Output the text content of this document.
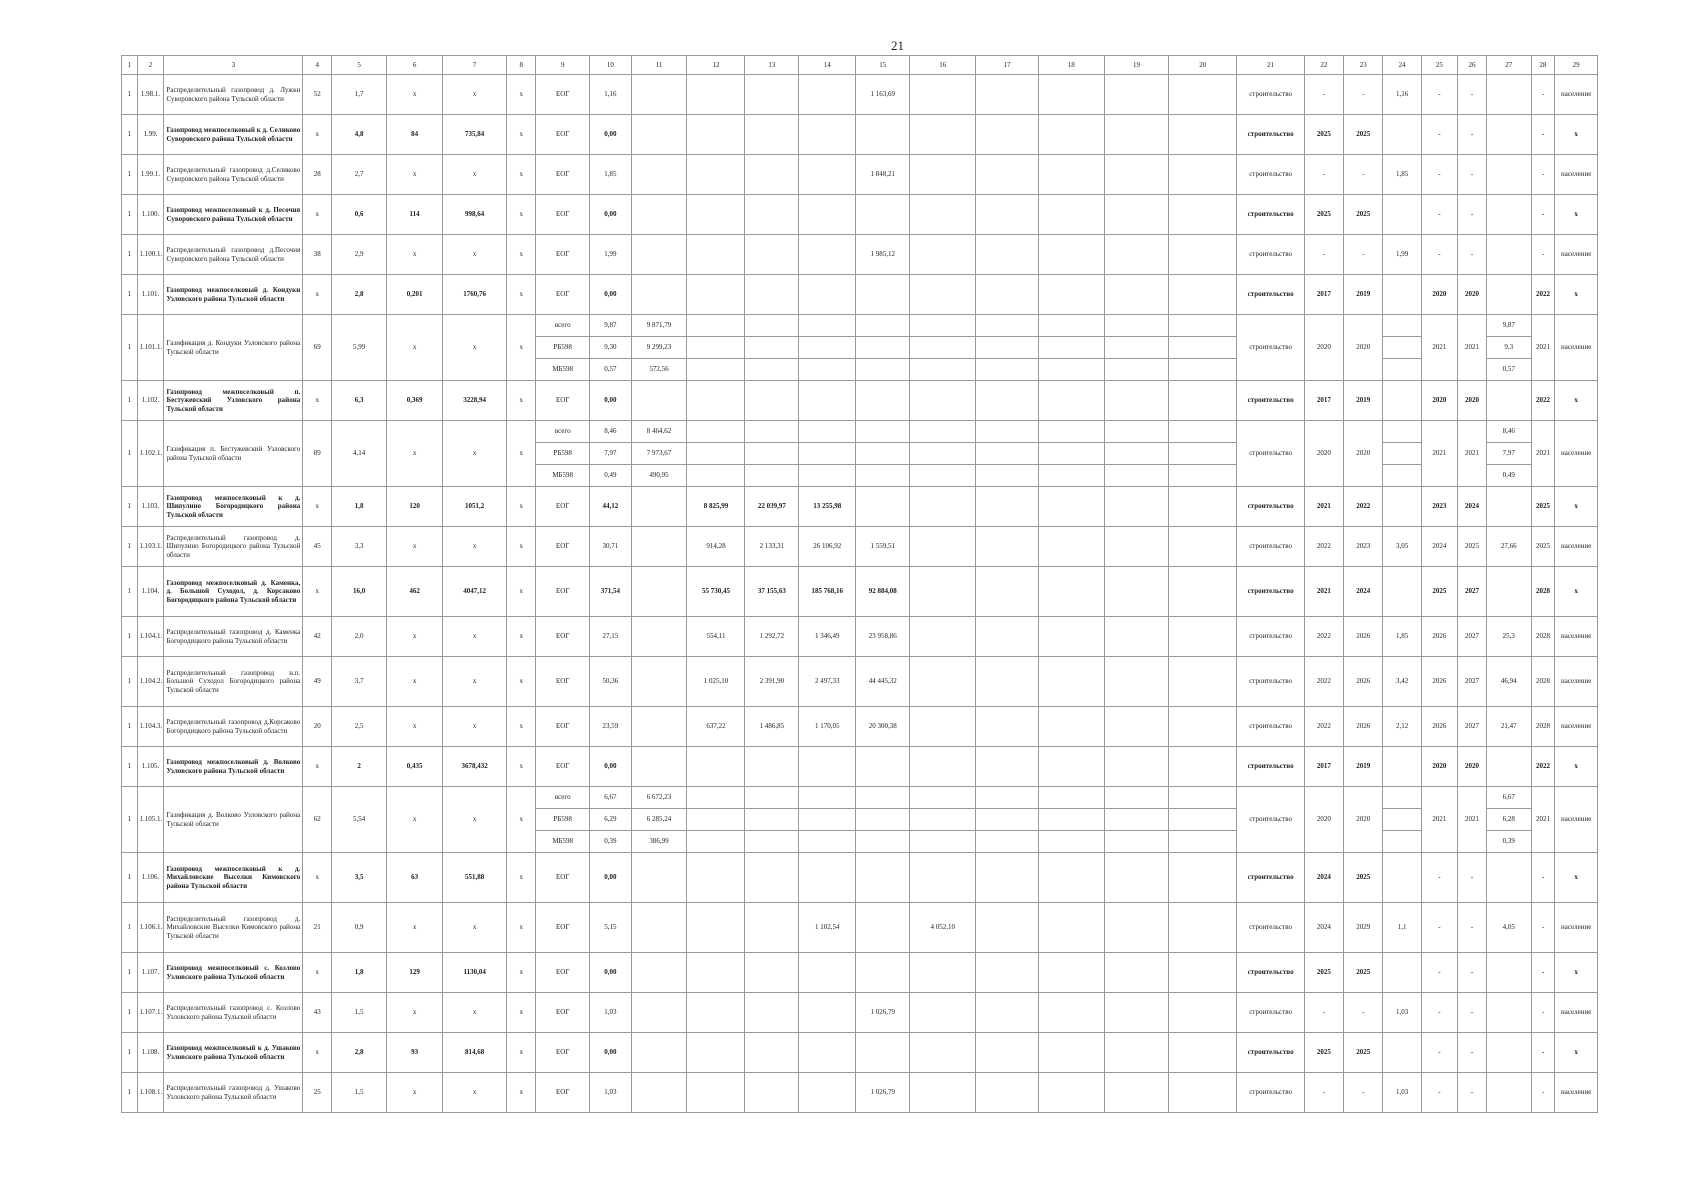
21
1	2	3	4	5	6	7	8	9	10	11	12	13	14	15	16	17	18	19	20	21	22	23	24	25	26	27	28	29
1	1.98.1.	Распределительный газопровод д. Лужки Суворовского района Тульской области	52	1,7	х	х	х	ЕОГ	1,16					1 163,69						строительство	-	-	1,16	-	-		-	население
1	1.99.	Газопровод межпоселковый к д. Селиково Суворовского района Тульской области	х	4,8	84	735,84	х	ЕОГ	0,00											строительство	2025	2025		-	-		-	х
1	1.99.1.	Распределительный газопровод д.Селиково Суворовского района Тульской области	28	2,7	х	х	х	ЕОГ	1,85					1 848,21						строительство	-	-	1,85	-	-		-	население
1	1.100.	Газопровод межпоселковый к д. Песочня Суворовского района Тульской области	х	0,6	114	998,64	х	ЕОГ	0,00											строительство	2025	2025		-	-		-	х
1	1.100.1.	Распределительный газопровод д.Песочня Суворовского района Тульской области	38	2,9	х	х	х	ЕОГ	1,99					1 985,12						строительство	-	-	1,99	-	-		-	население
1	1.101.	Газопровод межпоселковый д. Кондуки Узловского района Тульской области	х	2,8	0,201	1760,76	х	ЕОГ	0,00											строительство	2017	2019		2020	2020		2022	х
1	1.101.1.	Газификация д. Кондуки Узловского района Тульской области	69	5,99	х	х	х	всего	9,87	9 871,79										строительство	2020	2020		2021	2021	9,87	2021	население
								РБ598	9,30	9 299,23																9,3		
								МБ598	0,57	572,56																0,57		
1	1.102.	Газопровод межпоселковый п. Бестужевский Узловского района Тульской области	х	6,3	0,369	3228,94	х	ЕОГ	0,00											строительство	2017	2019		2020	2020		2022	х
1	1.102.1.	Газификация п. Бестужевский Узловского района Тульской области	89	4,14	х	х	х	всего	8,46	8 464,62										строительство	2020	2020		2021	2021	8,46	2021	население
								РБ598	7,97	7 973,67																7,97		
								МБ598	0,49	490,95																0,49		
1	1.103.	Газопровод межпоселковый к д. Шипулино Богородицкого района Тульской области	х	1,8	120	1051,2	х	ЕОГ	44,12		8 825,99	22 039,97	13 255,98							строительство	2021	2022		2023	2024		2025	х
1	1.103.1.	Распределительный газопровод д. Шипулино Богородицкого района Тульской области	45	3,3	х	х	х	ЕОГ	30,71		914,28	2 133,31	26 106,92	1 559,51						строительство	2022	2023	3,05	2024	2025	27,66	2025	население
1	1.104.	Газопровод межпоселковый д. Каменка, д. Большой Суходол, д. Корсаково Богородицкого района Тульской области	х	16,0	462	4047,12	х	ЕОГ	371,54		55 730,45	37 155,63	185 768,16	92 884,08						строительство	2021	2024		2025	2027		2028	х
1	1.104.1.	Распределительный газопровод д. Каменка Богородицкого района Тульской области	42	2,0	х	х	х	ЕОГ	27,15		554,11	1 292,72	1 346,49	23 958,86						строительство	2022	2026	1,85	2026	2027	25,3	2028	население
1	1.104.2.	Распределительный газопровод н.п. Большой Суходол Богородицкого района Тульской области	49	3,7	х	х	х	ЕОГ	50,36		1 025,10	2 391,90	2 497,33	44 445,32						строительство	2022	2026	3,42	2026	2027	46,94	2028	население
1	1.104.3.	Распределительный газопровод д.Корсаково Богородицкого района Тульской области	20	2,5	х	х	х	ЕОГ	23,59		637,22	1 486,85	1 170,05	20 300,38						строительство	2022	2026	2,12	2026	2027	21,47	2028	население
1	1.105.	Газопровод межпоселковый д. Волково Узловского района Тульской области	х	2	0,435	3678,432	х	ЕОГ	0,00											строительство	2017	2019		2020	2020		2022	х
1	1.105.1.	Газификация д. Волково Узловского района Тульской области	62	5,54	х	х	х	всего	6,67	6 672,23										строительство	2020	2020		2021	2021	6,67	2021	население
								РБ598	6,29	6 285,24																6,28		
								МБ598	0,39	386,99																0,39		
1	1.106.	Газопровод межпоселковый к д. Михайловские Выселки Кимовского района Тульской области	х	3,5	63	551,88	х	ЕОГ	0,00											строительство	2024	2025		-	-		-	х
1	1.106.1.	Распределительный газопровод д. Михайловские Выселки Кимовского района Тульской области	21	0,9	х	х	х	ЕОГ	5,15				1 102,54		4 052,10					строительство	2024	2029	1,1	-	-	4,05	-	население
1	1.107.	Газопровод межпоселковый с. Козлово Узловского района Тульской области	х	1,8	129	1130,04	х	ЕОГ	0,00											строительство	2025	2025		-	-		-	х
1	1.107.1.	Распределительный газопровод с. Козлово Узловского района Тульской области	43	1,5	х	х	х	ЕОГ	1,03					1 026,79						строительство	-	-	1,03	-	-		-	население
1	1.108.	Газопровод межпоселковый к д. Ушаково Узловского района Тульской области	х	2,8	93	814,68	х	ЕОГ	0,00											строительство	2025	2025		-	-		-	х
1	1.108.1.	Распределительный газопровод д. Ушаково Узловского района Тульской области	25	1,5	х	х	х	ЕОГ	1,03					1 026,79						строительство	-	-	1,03	-	-		-	население
